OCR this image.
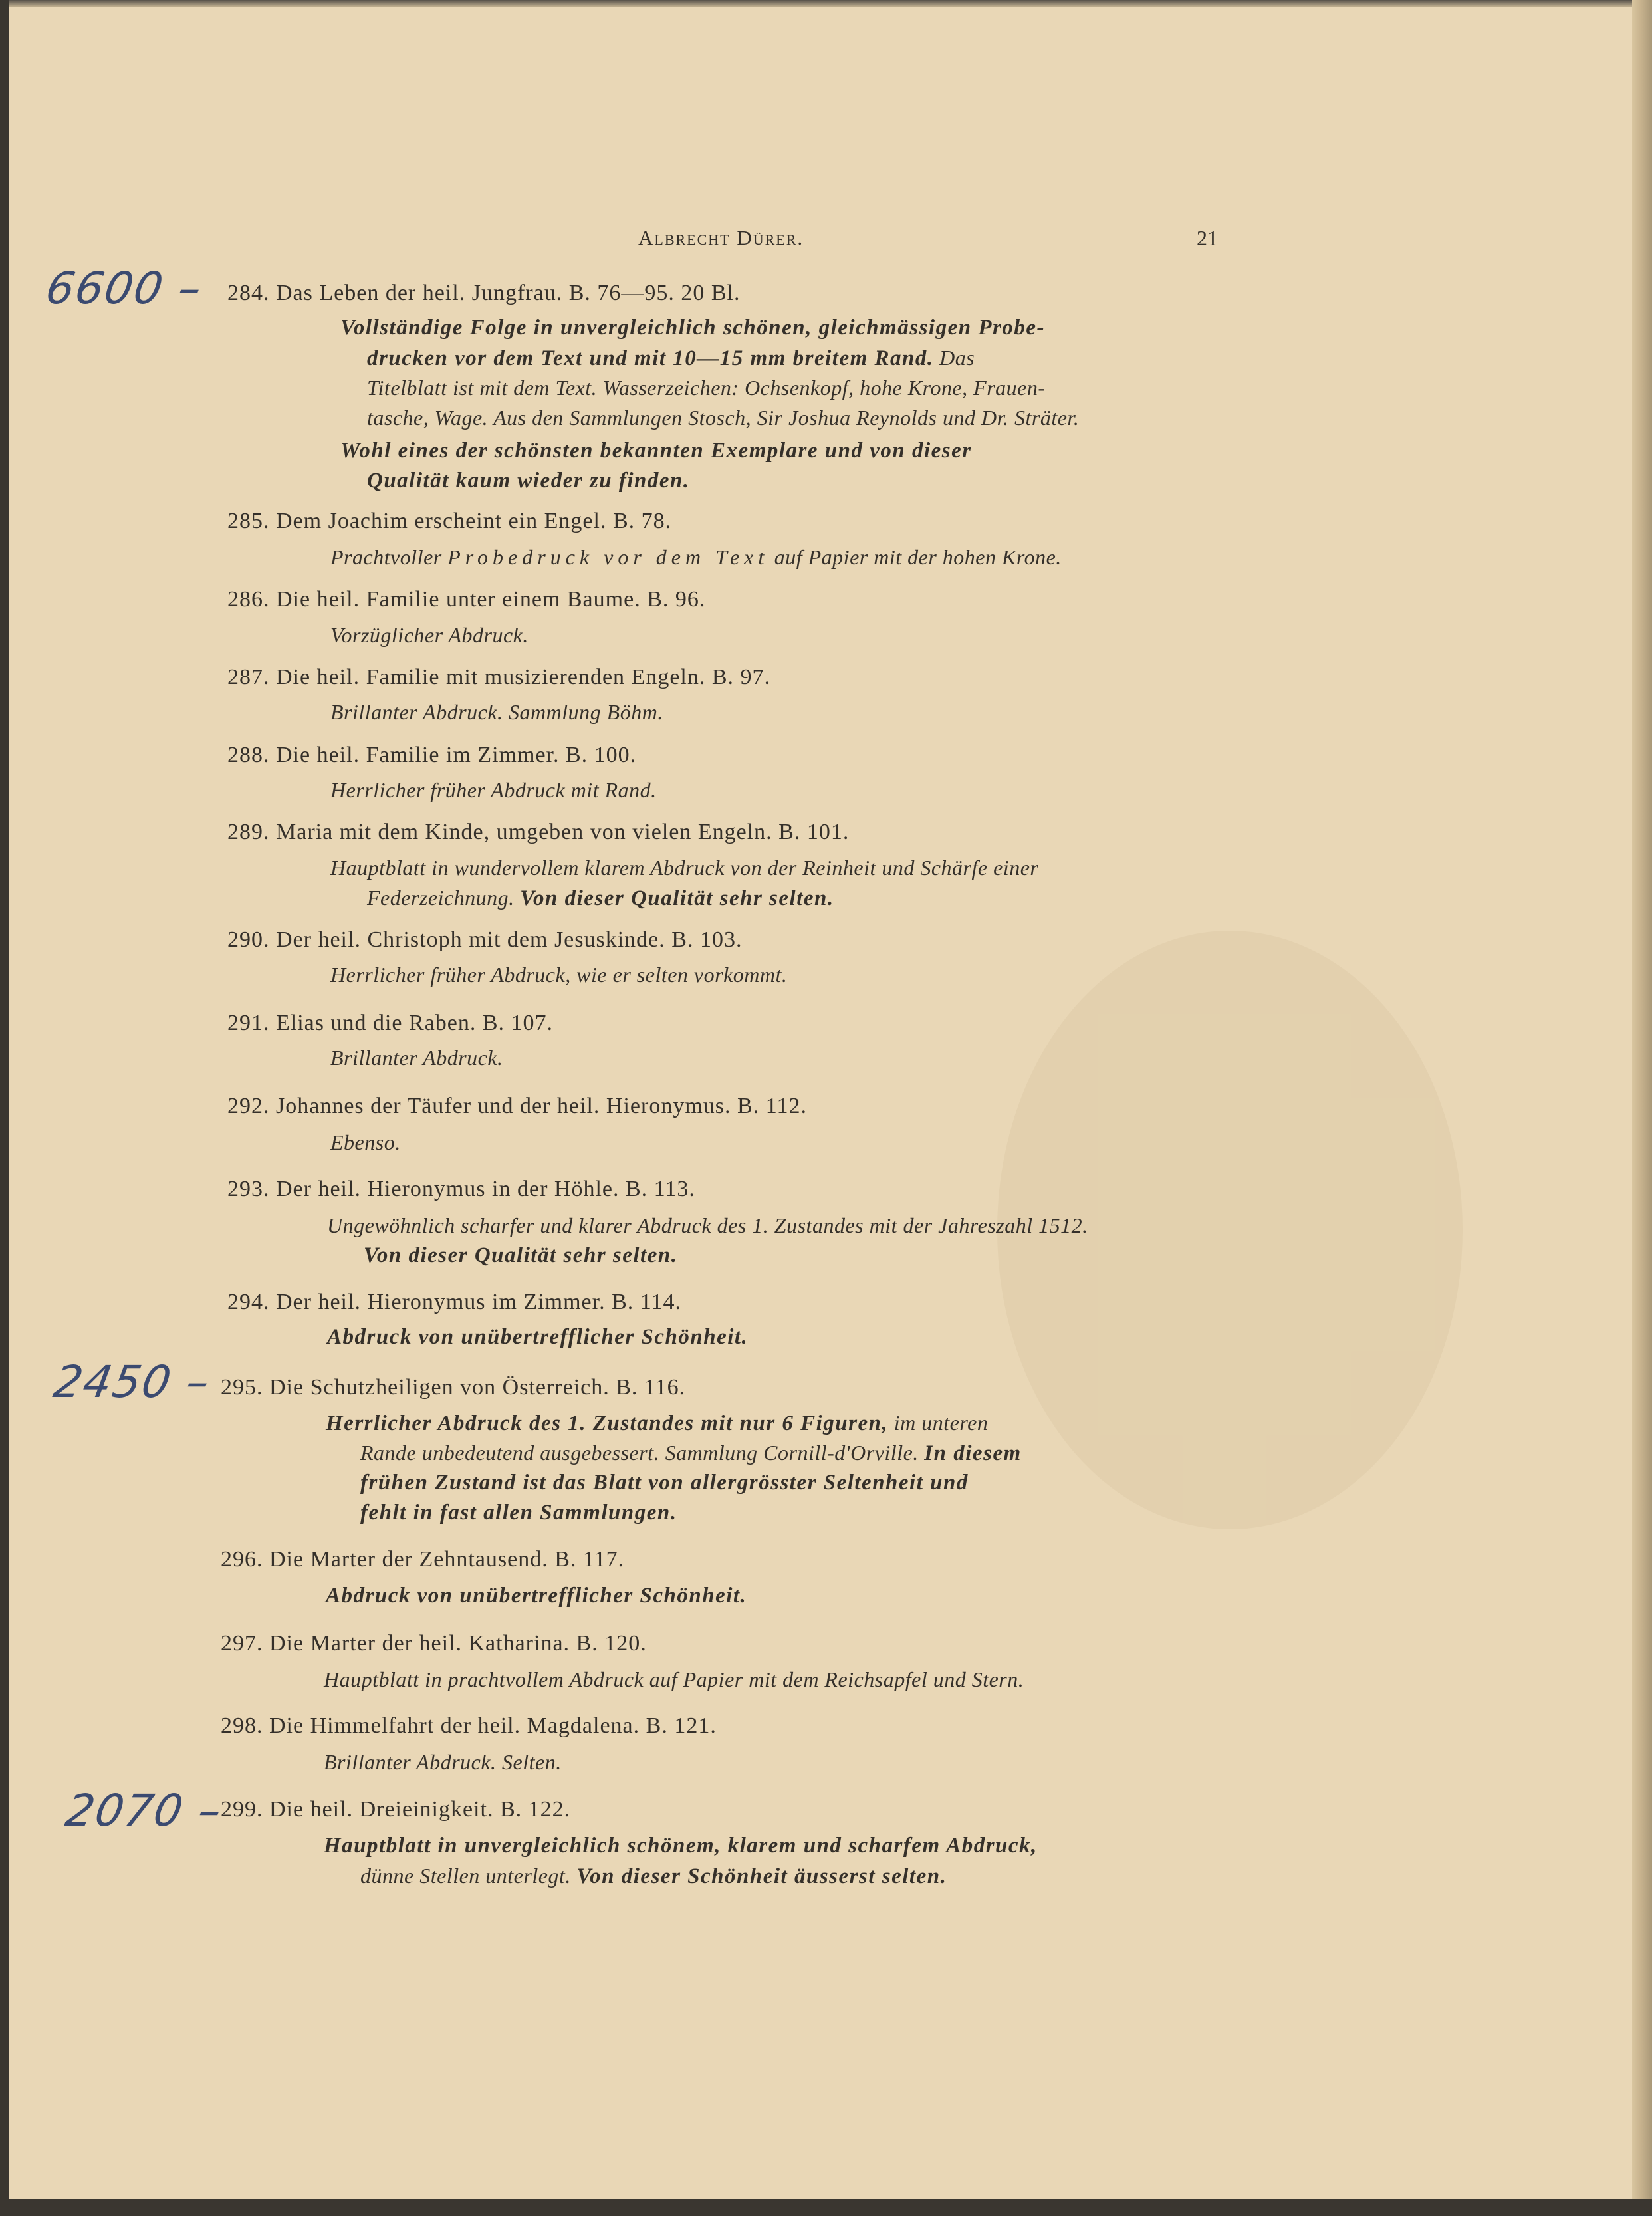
Albrecht Dürer.	21
6600 –
2450 –
2070 –
284. Das Leben der heil. Jungfrau. B. 76—95. 20 Bl.
Vollständige Folge in unvergleichlich schönen, gleichmässigen Probe-
drucken vor dem Text und mit 10—15 mm breitem Rand. Das
Titelblatt ist mit dem Text. Wasserzeichen: Ochsenkopf, hohe Krone, Frauen-
tasche, Wage. Aus den Sammlungen Stosch, Sir Joshua Reynolds und Dr. Sträter.
Wohl eines der schönsten bekannten Exemplare und von dieser
Qualität kaum wieder zu finden.
285. Dem Joachim erscheint ein Engel. B. 78.
Prachtvoller Probedruck vor dem Text auf Papier mit der hohen Krone.
286. Die heil. Familie unter einem Baume. B. 96.
Vorzüglicher Abdruck.
287. Die heil. Familie mit musizierenden Engeln. B. 97.
Brillanter Abdruck. Sammlung Böhm.
288. Die heil. Familie im Zimmer. B. 100.
Herrlicher früher Abdruck mit Rand.
289. Maria mit dem Kinde, umgeben von vielen Engeln. B. 101.
Hauptblatt in wundervollem klarem Abdruck von der Reinheit und Schärfe einer
Federzeichnung. Von dieser Qualität sehr selten.
290. Der heil. Christoph mit dem Jesuskinde. B. 103.
Herrlicher früher Abdruck, wie er selten vorkommt.
291. Elias und die Raben. B. 107.
Brillanter Abdruck.
292. Johannes der Täufer und der heil. Hieronymus. B. 112.
Ebenso.
293. Der heil. Hieronymus in der Höhle. B. 113.
Ungewöhnlich scharfer und klarer Abdruck des 1. Zustandes mit der Jahreszahl 1512.
Von dieser Qualität sehr selten.
294. Der heil. Hieronymus im Zimmer. B. 114.
Abdruck von unübertrefflicher Schönheit.
295. Die Schutzheiligen von Österreich. B. 116.
Herrlicher Abdruck des 1. Zustandes mit nur 6 Figuren, im unteren
Rande unbedeutend ausgebessert. Sammlung Cornill-d'Orville. In diesem
frühen Zustand ist das Blatt von allergrösster Seltenheit und
fehlt in fast allen Sammlungen.
296. Die Marter der Zehntausend. B. 117.
Abdruck von unübertrefflicher Schönheit.
297. Die Marter der heil. Katharina. B. 120.
Hauptblatt in prachtvollem Abdruck auf Papier mit dem Reichsapfel und Stern.
298. Die Himmelfahrt der heil. Magdalena. B. 121.
Brillanter Abdruck. Selten.
299. Die heil. Dreieinigkeit. B. 122.
Hauptblatt in unvergleichlich schönem, klarem und scharfem Abdruck,
dünne Stellen unterlegt. Von dieser Schönheit äusserst selten.
